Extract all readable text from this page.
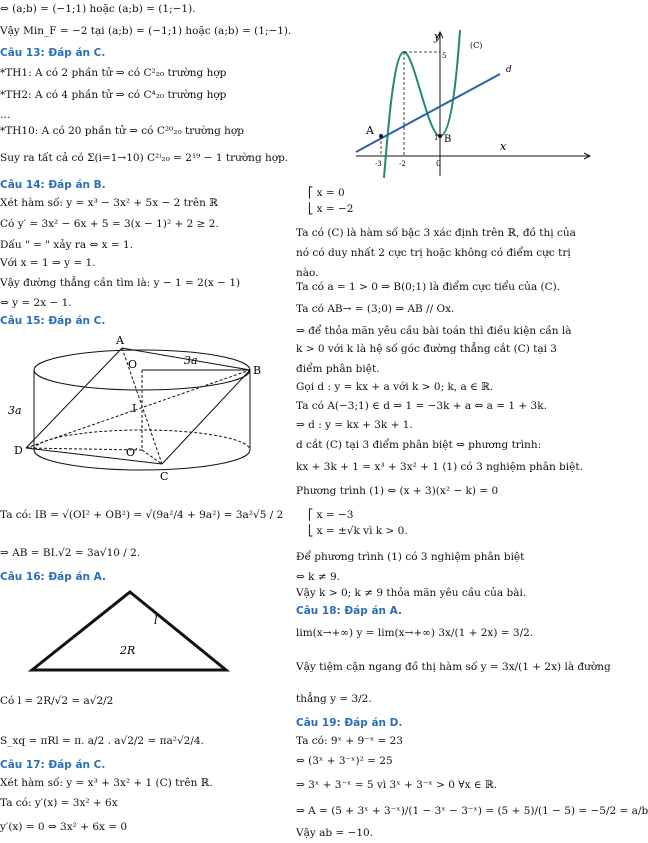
⇔ (a;b) = (−1;1) hoặc (a;b) = (1;−1).
Vậy Min_F = −2 tại (a;b) = (−1;1) hoặc (a;b) = (1;−1).
Câu 13: Đáp án C.
*TH1: A có 2 phần tử ⇒ có C²₂₀ trường hợp
*TH2: A có 4 phần tử ⇒ có C⁴₂₀ trường hợp
…
*TH10: A có 20 phần tử ⇒ có C²⁰₂₀ trường hợp
Suy ra tất cả có Σ(i=1→10) C²ⁱ₂₀ = 2¹⁹ − 1 trường hợp.
Câu 14: Đáp án B.
Xét hàm số: y = x³ − 3x² + 5x − 2 trên ℝ
Có y′ = 3x² − 6x + 5 = 3(x − 1)² + 2 ≥ 2.
Dấu " = " xảy ra ⇔ x = 1.
Với x = 1 ⇒ y = 1.
Vậy đường thẳng cần tìm là: y − 1 = 2(x − 1)
⇔ y = 2x − 1.
Câu 15: Đáp án C.
A
B
C
D
O
O′
I
3a
3a
Ta có: IB = √(OI² + OB²) = √(9a²/4 + 9a²) = 3a²√5 / 2
⇒ AB = BI.√2 = 3a√10 / 2.
Câu 16: Đáp án A.
l
2R
Có l = 2R/√2 = a√2/2
S_xq = πRl = π. a/2 . a√2/2 = πa²√2/4.
Câu 17: Đáp án C.
Xét hàm số: y = x³ + 3x² + 1 (C) trên ℝ.
Ta có: y′(x) = 3x² + 6x
y′(x) = 0 ⇔ 3x² + 6x = 0
y
x
(C)
d
A
B
0
5
1
-3 -2
⎡ x = 0
⎣ x = −2
Ta có (C) là hàm số bậc 3 xác định trên ℝ, đồ thị của
nó có duy nhất 2 cực trị hoặc không có điểm cực trị
nào.
Ta có a = 1 > 0 ⇒ B(0;1) là điểm cực tiểu của (C).
Ta có AB→ = (3;0) ⇒ AB // Ox.
⇒ để thỏa mãn yêu cầu bài toán thì điều kiện cần là
k > 0 với k là hệ số góc đường thẳng cắt (C) tại 3
điểm phân biệt.
Gọi d : y = kx + a với k > 0; k, a ∈ ℝ.
Ta có A(−3;1) ∈ d ⇒ 1 = −3k + a ⇔ a = 1 + 3k.
⇒ d : y = kx + 3k + 1.
d cắt (C) tại 3 điểm phân biệt ⇔ phương trình:
kx + 3k + 1 = x³ + 3x² + 1 (1) có 3 nghiệm phân biệt.
Phương trình (1) ⇔ (x + 3)(x² − k) = 0
⎡ x = −3
⎣ x = ±√k vì k > 0.
Để phương trình (1) có 3 nghiệm phân biệt
⇔ k ≠ 9.
Vậy k > 0; k ≠ 9 thỏa mãn yêu cầu của bài.
Câu 18: Đáp án A.
lim(x→+∞) y = lim(x→+∞) 3x/(1 + 2x) = 3/2.
Vậy tiệm cận ngang đồ thị hàm số y = 3x/(1 + 2x) là đường
thẳng y = 3/2.
Câu 19: Đáp án D.
Ta có: 9ˣ + 9⁻ˣ = 23
⇔ (3ˣ + 3⁻ˣ)² = 25
⇒ 3ˣ + 3⁻ˣ = 5 vì 3ˣ + 3⁻ˣ > 0 ∀x ∈ ℝ.
⇒ A = (5 + 3ˣ + 3⁻ˣ)/(1 − 3ˣ − 3⁻ˣ) = (5 + 5)/(1 − 5) = −5/2 = a/b
Vậy ab = −10.
